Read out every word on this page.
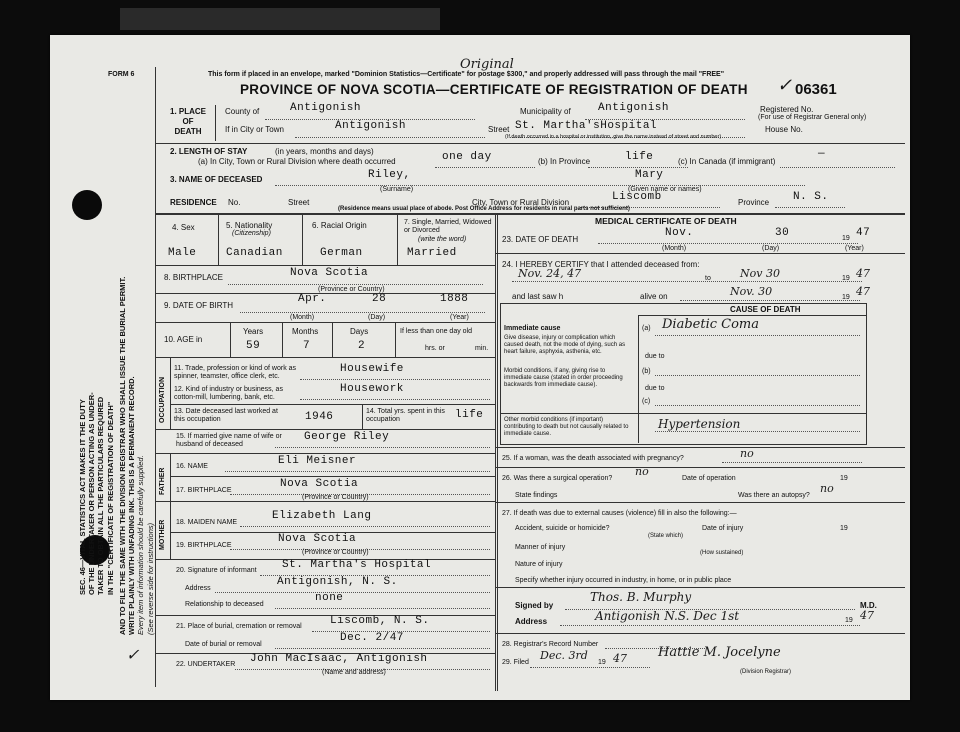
SEC. 46—VITAL STATISTICS ACT MAKES IT THE DUTY OF THE UNDERTAKER OR PERSON ACTING AS UNDER- TAKER TO OBTAIN ALL THE PARTICULARS REQUIRED IN THE "CERTIFICATE OF REGISTRATION OF DEATH" AND TO FILE THE SAME WITH THE DIVISION REGISTRAR WHO SHALL ISSUE THE BURIAL PERMIT. WRITE PLAINLY WITH UNFADING INK. THIS IS A PERMANENT RECORD. Every item of information should be carefully supplied. (See reverse side for instructions)
✓
FORM 6	This form if placed in an envelope, marked "Dominion Statistics—Certificate" for postage $300," and properly addressed will pass through the mail "FREE"
Original
PROVINCE OF NOVA SCOTIA—CERTIFICATE OF REGISTRATION OF DEATH	06361
✓
1. PLACE
OF
DEATH
County of	Antigonish	Municipality of Antigonish	Registered No.
(For use of Registrar General only)
If in City or Town	Antigonish	Street St. Martha'sHospital	House No.
(If death occurred in a hospital or institution, give the name instead of street and number)
2. LENGTH OF STAY	(in years, months and days)
(a) In City, Town or Rural Division where death occurred	one day	(b) In Province	life	(c) In Canada (if immigrant)
—
3. NAME OF DECEASED	Riley,
(Surname)
Mary
(Given name or names)
RESIDENCE No.	Street	City, Town or Rural Division	Liscomb	Province N. S.
(Residence means usual place of abode. Post Office Address for residents in rural parts not sufficient)
4. Sex
Male
5. Nationality
(Citizenship)
Canadian
6. Racial Origin
German
7. Single, Married, Widowed or Divorced
(write the word)
Married
8. BIRTHPLACE	Nova Scotia
(Province or Country)
9. DATE OF BIRTH
Apr.	28	1888
(Month)	(Day)	(Year)
10. AGE in
Years	Months	Days
59	7	2
If less than one day old
hrs. or	min.
OCCUPATION
11. Trade, profession or kind of work as spinner, teamster, office clerk, etc.
Housewife
12. Kind of industry or business, as cotton-mill, lumbering, bank, etc.
Housework
13. Date deceased last worked at this occupation	1946	14. Total yrs. spent in this occupation	life
15. If married give name of wife or husband of deceased
George Riley
FATHER
16. NAME	Eli Meisner
17. BIRTHPLACE
Nova Scotia
(Province or Country)
MOTHER 18. MAIDEN NAME
Elizabeth Lang
19. BIRTHPLACE
Nova Scotia
(Province or Country)
20. Signature of informant St. Martha's Hospital
Address
Antigonish, N. S.
Relationship to deceased
none
21. Place of burial, cremation or removal	Liscomb, N. S.
Date of burial or removal
Dec. 2/47
22. UNDERTAKER John MacIsaac, Antigonish
(Name and address)
MEDICAL CERTIFICATE OF DEATH
23. DATE OF DEATH
Nov.	30	19 47
(Month)	(Day)	(Year)
24. I HEREBY CERTIFY that I attended deceased from:
Nov. 24, 47	to	Nov 30	19 47
and last saw h	alive on	Nov. 30	19 47
CAUSE OF DEATH
Immediate cause
Give disease, injury or complication which caused death, not the mode of dying, such as heart failure, asphyxia, asthenia, etc.
(a) Diabetic Coma
due to
Morbid conditions, if any, giving rise to immediate cause (stated in order proceeding backwards from immediate cause).
(b)
due to
(c)
Other morbid conditions (if important) contributing to death but not causally related to immediate cause.
Hypertension
25. If a woman, was the death associated with pregnancy?	no
26. Was there a surgical operation?
no
Date of operation	19
State findings	Was there an autopsy?
no
27. If death was due to external causes (violence) fill in also the following:—
Accident, suicide or homicide?
(State which)
Date of injury	19
Manner of injury
(How sustained)
Nature of injury
Specify whether injury occurred in industry, in home, or in public place
Signed by
Thos. B. Murphy
M.D.
Address	Antigonish N.S. Dec 1st	19 47
28. Registrar's Record Number
29. Filed
Dec. 3rd
19 47 Hattie M. Jocelyne
(Division Registrar)
